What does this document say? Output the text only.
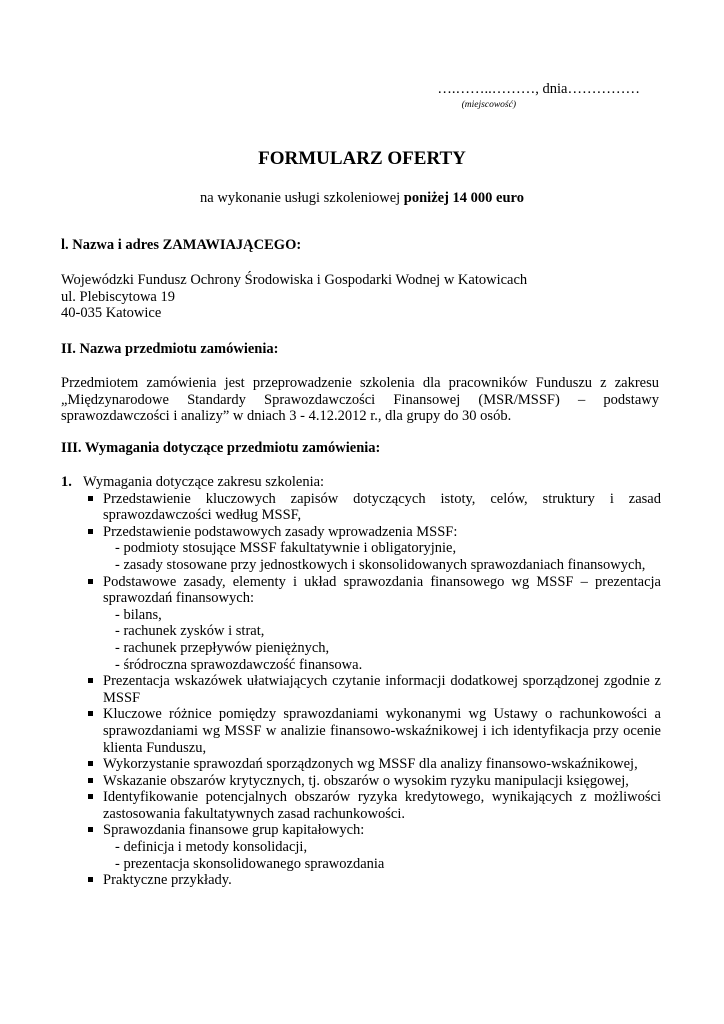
….……..………, dnia……………
(miejscowość)
FORMULARZ OFERTY
na wykonanie usługi szkoleniowej poniżej 14 000 euro
l. Nazwa i adres ZAMAWIAJĄCEGO:
Wojewódzki Fundusz Ochrony Środowiska i Gospodarki Wodnej w Katowicach
ul. Plebiscytowa 19
40-035 Katowice
II. Nazwa przedmiotu zamówienia:
Przedmiotem zamówienia jest przeprowadzenie szkolenia dla pracowników Funduszu z zakresu „Międzynarodowe Standardy Sprawozdawczości Finansowej (MSR/MSSF) – podstawy sprawozdawczości i analizy” w dniach 3 - 4.12.2012 r., dla grupy do 30 osób.
III. Wymagania dotyczące przedmiotu zamówienia:
1. Wymagania dotyczące zakresu szkolenia:
Przedstawienie kluczowych zapisów dotyczących istoty, celów, struktury i zasad sprawozdawczości według MSSF,
Przedstawienie podstawowych zasady wprowadzenia MSSF:
- podmioty stosujące MSSF fakultatywnie i obligatoryjnie,
- zasady stosowane przy jednostkowych i skonsolidowanych sprawozdaniach finansowych,
Podstawowe zasady, elementy i układ sprawozdania finansowego wg MSSF – prezentacja sprawozdań finansowych:
- bilans,
- rachunek zysków i strat,
- rachunek przepływów pieniężnych,
- śródroczna sprawozdawczość finansowa.
Prezentacja wskazówek ułatwiających czytanie informacji dodatkowej sporządzonej zgodnie z MSSF
Kluczowe różnice pomiędzy sprawozdaniami wykonanymi wg Ustawy o rachunkowości a sprawozdaniami wg MSSF w analizie finansowo-wskaźnikowej i ich identyfikacja przy ocenie klienta Funduszu,
Wykorzystanie sprawozdań sporządzonych wg MSSF dla analizy finansowo-wskaźnikowej,
Wskazanie obszarów krytycznych, tj. obszarów o wysokim ryzyku manipulacji księgowej,
Identyfikowanie potencjalnych obszarów ryzyka kredytowego, wynikających z możliwości zastosowania fakultatywnych zasad rachunkowości.
Sprawozdania finansowe grup kapitałowych:
- definicja i metody konsolidacji,
- prezentacja skonsolidowanego sprawozdania
Praktyczne przykłady.
